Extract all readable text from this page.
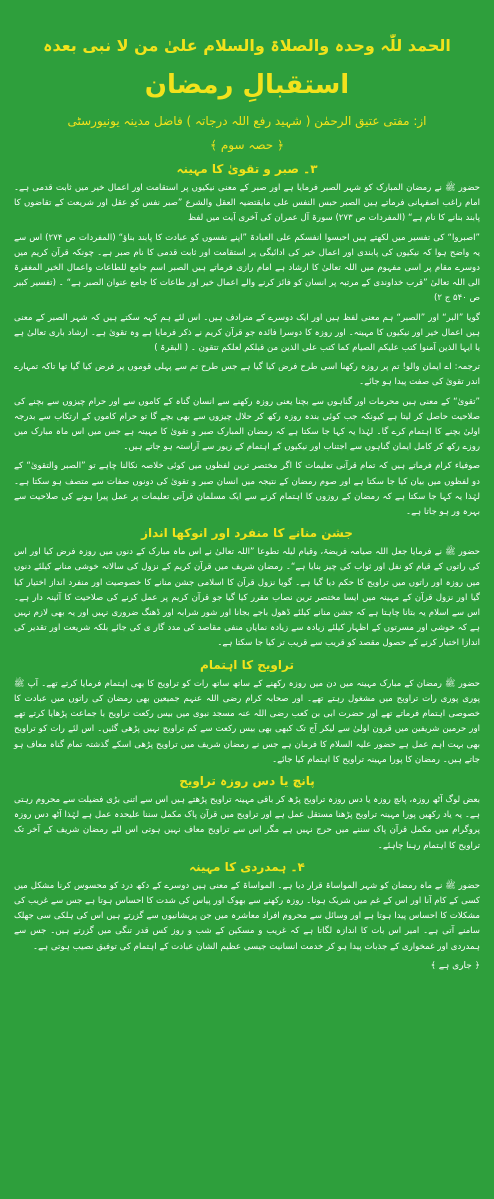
الحمد للّٰہ وحدہ والصلاۃ والسلام علیٰ من لا نبی بعدہ
استقبالِ رمضان
از: مفتی عتیق الرحمٰن ( شہید رفع اللہ درجاتہ ) فاضل مدینہ یونیورسٹی
﴿ حصہ سوم ﴾
۳۔ صبر و تقویٰ کا مہینہ

حضور ﷺ نے رمضان المبارک کو شہر الصبر فرمایا ہے اور صبر کے معنی نیکیوں پر استقامت اور اعمال خیر میں ثابت قدمی ہے۔ امام راغب اصفہانی فرماتے ہیں الصبر حبس النفس علی مایقتضیہ العقل والشرع ”صبر نفس کو عقل اور شریعت کے تقاضوں کا پابند بنانے کا نام ہے“ (المفردات ص ۲۷۳) سورۃ آل عمران کی آخری آیت میں لفظ

”اصبروا“ کی تفسیر میں لکھتے ہیں احبسوا انفسکم علی العبادۃ ”اپنے نفسوں کو عبادت کا پابند بناؤ“ (المفردات ص ۲۷۴) اس سے یہ واضح ہوا کہ نیکیوں کی پابندی اور اعمال خیر کی ادائیگی پر استقامت اور ثابت قدمی کا نام صبر ہے۔ چونکہ قرآن کریم میں دوسرے مقام پر اسی مفہوم میں اللہ تعالیٰ کا ارشاد ہے امام رازی فرماتے ہیں الصبر اسم جامع للطاعات واعمال الخیر المغفرۃ الی اللہ تعالیٰ ”قرب خداوندی کے مرتبہ پر انسان کو فائز کرنے والے اعمال خیر اور طاعات کا جامع عنوان الصبر ہے“ ۔ (تفسیر کبیر ص ۵۴۰ ج ۲)

گویا ”البر“ اور ”الصبر“ ہم معنی لفظ ہیں اور ایک دوسرے کے مترادف ہیں۔ اس لئے ہم کہہ سکتے ہیں کہ شہر الصبر کے معنی ہیں اعمال خیر اور نیکیوں کا مہینہ۔ اور روزہ کا دوسرا فائدہ جو قرآن کریم نے ذکر فرمایا ہے وہ تقویٰ ہے۔ ارشاد باری تعالیٰ ہے یا ایہا الذین آمنوا کتب علیکم الصیام کما کتب علی الذین من قبلکم لعلکم تتقون ۔ ( البقرۃ )

ترجمہ: اے ایمان والو! تم پر روزہ رکھنا اسی طرح فرض کیا گیا ہے جس طرح تم سے پہلی قوموں پر فرض کیا گیا تھا تاکہ تمہارے اندر تقویٰ کی صفت پیدا ہو جائے۔

”تقویٰ“ کے معنی ہیں محرمات اور گناہوں سے بچنا یعنی روزہ رکھنے سے انسان گناہ کے کاموں سے اور حرام چیزوں سے بچنے کی صلاحیت حاصل کر لیتا ہے کیونکہ جب کوئی بندہ روزہ رکھ کر حلال چیزوں سے بھی بچے گا تو حرام کاموں کے ارتکاب سے بدرجہ اولیٰ بچنے کا اہتمام کرے گا۔ لہٰذا یہ کہا جا سکتا ہے کہ رمضان المبارک صبر و تقویٰ کا مہینہ ہے جس میں اس ماہ مبارک میں روزے رکھ کر کامل ایمان گناہوں سے اجتناب اور نیکیوں کے اہتمام کے زیور سے آراستہ ہو جاتے ہیں۔

صوفیاء کرام فرماتے ہیں کہ تمام قرآنی تعلیمات کا اگر مختصر ترین لفظوں میں کوئی خلاصہ نکالنا چاہے تو ”الصبر والتقویٰ“ کے دو لفظوں میں بیان کیا جا سکتا ہے اور صوم رمضان کے نتیجہ میں انسان صبر و تقویٰ کی دونوں صفات سے متصف ہو سکتا ہے۔ لہٰذا یہ کہا جا سکتا ہے کہ رمضان کے روزوں کا اہتمام کرنے سے ایک مسلمان قرآنی تعلیمات پر عمل پیرا ہونے کی صلاحیت سے بہرہ ور ہو جاتا ہے۔

جشن منانے کا منفرد اور انوکھا انداز

حضور ﷺ نے فرمایا جعل اللہ صیامہ فریضۃ، وقیام لیلہ تطوعا ”اللہ تعالیٰ نے اس ماہ مبارک کے دنوں میں روزہ فرض کیا اور اس کی راتوں کے قیام کو نفل اور ثواب کی چیز بنایا ہے“۔ رمضان شریف میں قرآن کریم کے نزول کی سالانہ خوشی منانے کیلئے دنوں میں روزہ اور راتوں میں تراویح کا حکم دیا گیا ہے۔ گویا نزول قرآن کا اسلامی جشن منانے کا خصوصیت اور منفرد انداز اختیار کیا گیا اور نزول قرآن کے مہینہ میں ایسا مختصر ترین نصاب مقرر کیا گیا جو قرآن کریم پر عمل کرنے کی صلاحیت کا آئینہ دار ہے۔ اس سے اسلام یہ بتانا چاہتا ہے کہ جشن منانے کیلئے ڈھول باجے بجانا اور شور شرابہ اور ڈھنگ ضروری نہیں اور یہ بھی لازم نہیں ہے کہ خوشی اور مسرتوں کے اظہار کیلئے زیادہ سے زیادہ نمایاں منفی مقاصد کی مدد گار ی کی جائے بلکہ شریعت اور تقدیر کی اندازا اختیار کرنے کے حصول مقصد کو قریب سے قریب تر کیا جا سکتا ہے۔

تراویح کا اہتمام

حضور ﷺ رمضان کے مبارک مہینہ میں دن میں روزہ رکھنے کے ساتھ ساتھ رات کو تراویح کا بھی اہتمام فرمایا کرتے تھے۔ آپ ﷺ پوری پوری رات تراویح میں مشغول رہتے تھے۔ اور صحابہ کرام رضی اللہ عنہم جمیعین بھی رمضان کی راتوں میں عبادت کا خصوصی اہتمام فرماتے تھے اور حضرت ابی بن کعب رضی اللہ عنہ مسجد نبوی میں بیس رکعت تراویح با جماعت پڑھایا کرتے تھے اور حرمین شریفین میں قرون اولیٰ سے لیکر آج تک کبھی بھی بیس رکعت سے کم تراویح نہیں پڑھی گئیں۔ اس لئے رات کو تراویح بھی بہت اہم عمل ہے حضور علیہ السلام کا فرمان ہے جس نے رمضان شریف میں تراویح پڑھی اسکے گذشتہ تمام گناہ معاف ہو جاتے ہیں۔ رمضان کا پورا مہینہ تراویح کا اہتمام کیا جائے۔

پانچ یا دس روزہ تراویح

بعض لوگ آٹھ روزہ، پانچ روزہ یا دس روزہ تراویح پڑھ کر باقی مہینہ تراویح پڑھتے ہیں اس سے اتنی بڑی فضیلت سے محروم رہتی ہے۔ یہ یاد رکھیں پورا مہینہ تراویح پڑھنا مستقل عمل ہے اور تراویح میں قرآن پاک مکمل سننا علیحدہ عمل ہے لہٰذا آٹھ دس روزہ پروگرام میں مکمل قرآن پاک سننے میں حرج نہیں ہے مگر اس سے تراویح معاف نہیں ہوتی اس لئے رمضان شریف کے آخر تک تراویح کا اہتمام رہنا چاہئے۔

۴۔ ہمدردی کا مہینہ

حضور ﷺ نے ماہ رمضان کو شہر المواساۃ قرار دیا ہے۔ المواساۃ کے معنی ہیں دوسرے کے دکھ درد کو محسوس کرنا مشکل میں کسی کے کام آنا اور اس کے غم میں شریک ہونا۔ روزہ رکھنے سے بھوک اور پیاس کی شدت کا احساس ہوتا ہے جس سے غریب کی مشکلات کا احساس پیدا ہوتا ہے اور وسائل سے محروم افراد معاشرہ میں جن پریشانیوں سے گزرتے ہیں اس کی ہلکی سی جھلک سامنے آتی ہے۔ امیر اس بات کا اندازہ لگاتا ہے کہ غریب و مسکین کے شب و روز کس قدر تنگی میں گزرتے ہیں۔ جس سے ہمدردی اور غمخواری کے جذبات پیدا ہو کر خدمت انسانیت جیسی عظیم الشان عبادت کے اہتمام کی توفیق نصیب ہوتی ہے۔

﴿ جاری ہے ﴾
